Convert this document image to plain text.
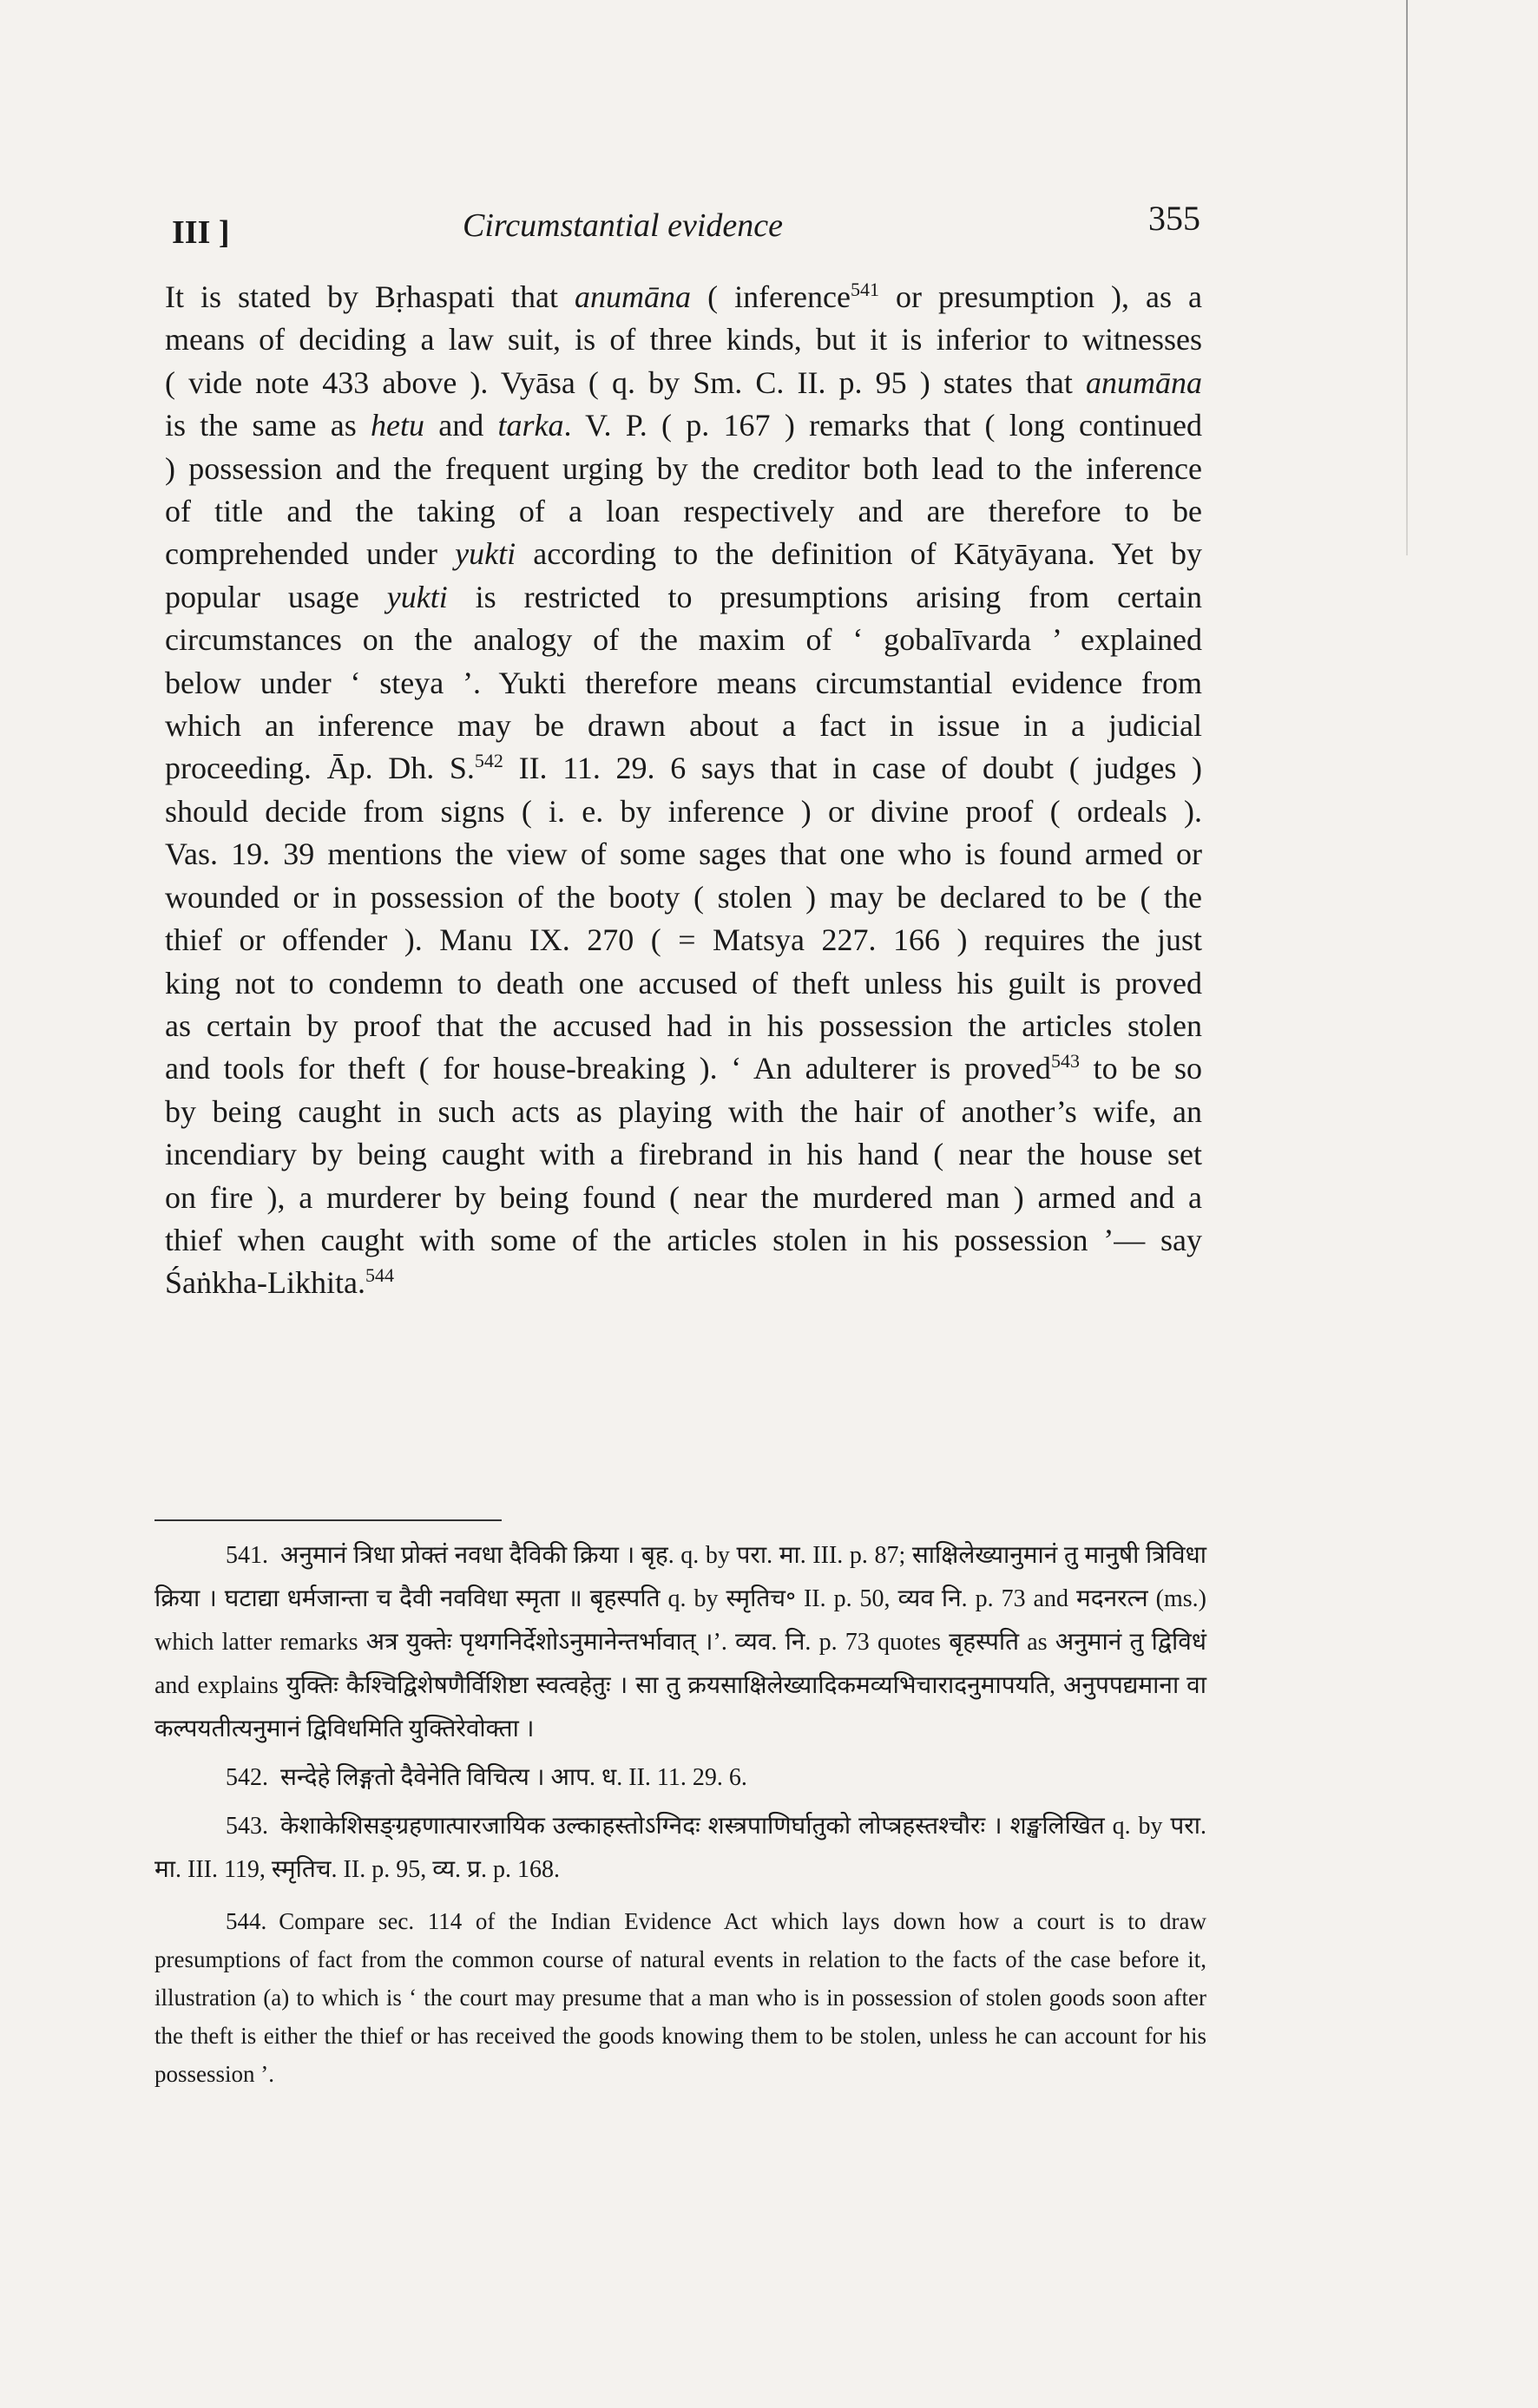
III ]	Circumstantial evidence	355

It is stated by Bṛhaspati that anumāna ( inference$^{541}$ or presumption ), as a means of deciding a law suit, is of three kinds, but it is inferior to witnesses ( vide note 433 above ). Vyāsa ( q. by Sm. C. II. p. 95 ) states that anumāna is the same as hetu and tarka. V. P. ( p. 167 ) remarks that ( long continued ) possession and the frequent urging by the creditor both lead to the inference of title and the taking of a loan respectively and are therefore to be comprehended under yukti according to the definition of Kātyāyana. Yet by popular usage yukti is restricted to presumptions arising from certain circumstances on the analogy of the maxim of ‘ gobalīvarda ’ explained below under ‘ steya ’. Yukti therefore means circumstantial evidence from which an inference may be drawn about a fact in issue in a judicial proceeding. Āp. Dh. S.$^{542}$ II. 11. 29. 6 says that in case of doubt ( judges ) should decide from signs ( i. e. by inference ) or divine proof ( ordeals ). Vas. 19. 39 mentions the view of some sages that one who is found armed or wounded or in possession of the booty ( stolen ) may be declared to be ( the thief or offender ). Manu IX. 270 ( = Matsya 227. 166 ) requires the just king not to condemn to death one accused of theft unless his guilt is proved as certain by proof that the accused had in his possession the articles stolen and tools for theft ( for house-breaking ). ‘ An adulterer is proved$^{543}$ to be so by being caught in such acts as playing with the hair of another’s wife, an incendiary by being caught with a firebrand in his hand ( near the house set on fire ), a murderer by being found ( near the murdered man ) armed and a thief when caught with some of the articles stolen in his possession ’— say Śaṅkha-Likhita.$^{544}$

541. अनुमानं त्रिधा प्रोक्तं नवधा दैविकी क्रिया । बृह. q. by परा. मा. III. p. 87; साक्षिलेख्यानुमानं तु मानुषी त्रिविधा क्रिया । घटाद्या धर्मजान्ता च दैवी नवविधा स्मृता ॥ बृहस्पति q. by स्मृतिच॰ II. p. 50, व्यव नि. p. 73 and मदनरत्न (ms.) which latter remarks अत्र युक्तेः पृथगनिर्देशोऽनुमानेन्तर्भावात् ।’. व्यव. नि. p. 73 quotes बृहस्पति as अनुमानं तु द्विविधं and explains युक्तिः कैश्चिद्विशेषणैर्विशिष्टा स्वत्वहेतुः । सा तु क्रयसाक्षिलेख्यादिकमव्यभिचारादनुमापयति, अनुपपद्यमाना वा कल्पयतीत्यनुमानं द्विविधमिति युक्तिरेवोक्ता ।

542. सन्देहे लिङ्गतो दैवेनेति विचित्य । आप. ध. II. 11. 29. 6.

543. केशाकेशिसङ्ग्रहणात्पारजायिक उल्काहस्तोऽग्निदः शस्त्रपाणिर्घातुको लोप्त्रहस्तश्चौरः । शङ्खलिखित q. by परा. मा. III. 119, स्मृतिच. II. p. 95, व्य. प्र. p. 168.

544. Compare sec. 114 of the Indian Evidence Act which lays down how a court is to draw presumptions of fact from the common course of natural events in relation to the facts of the case before it, illustration (a) to which is ‘ the court may presume that a man who is in possession of stolen goods soon after the theft is either the thief or has received the goods knowing them to be stolen, unless he can account for his possession ’.
